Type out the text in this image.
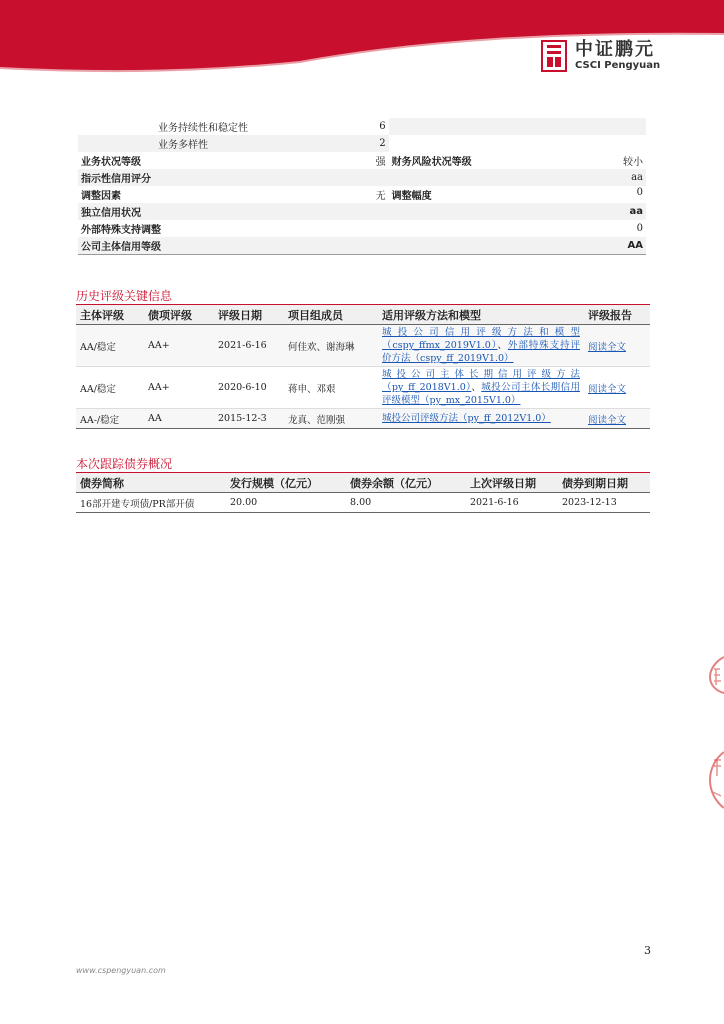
中证鹏元
CSCI Pengyuan
业务持续性和稳定性	6	
业务多样性	2	
业务状况等级	强	财务风险状况等级 较小

指示性信用评分		aa
调整因素	无	调整幅度 0

独立信用状况		aa
外部特殊支持调整		0
公司主体信用等级		AA
历史评级关键信息
主体评级	债项评级	评级日期	项目组成员	适用评级方法和模型	评级报告
AA/稳定	AA+	2021-6-16	何佳欢、谢海琳	城投公司信用评级方法和模型（cspy_ffmx_2019V1.0）、外部特殊支持评价方法（cspy_ff_2019V1.0）	阅读全文
AA/稳定	AA+	2020-6-10	蒋申、邓艰	城投公司主体长期信用评级方法（py_ff_2018V1.0）、城投公司主体长期信用评级模型（py_mx_2015V1.0）	阅读全文
AA-/稳定	AA	2015-12-3	龙真、范刚强	城投公司评级方法（py_ff_2012V1.0）	阅读全文
本次跟踪债券概况
债券简称	发行规模（亿元）	债券余额（亿元）	上次评级日期	债券到期日期
16部开建专项债/PR部开债	20.00	8.00	2021-6-16	2023-12-13
3
www.cspengyuan.com
